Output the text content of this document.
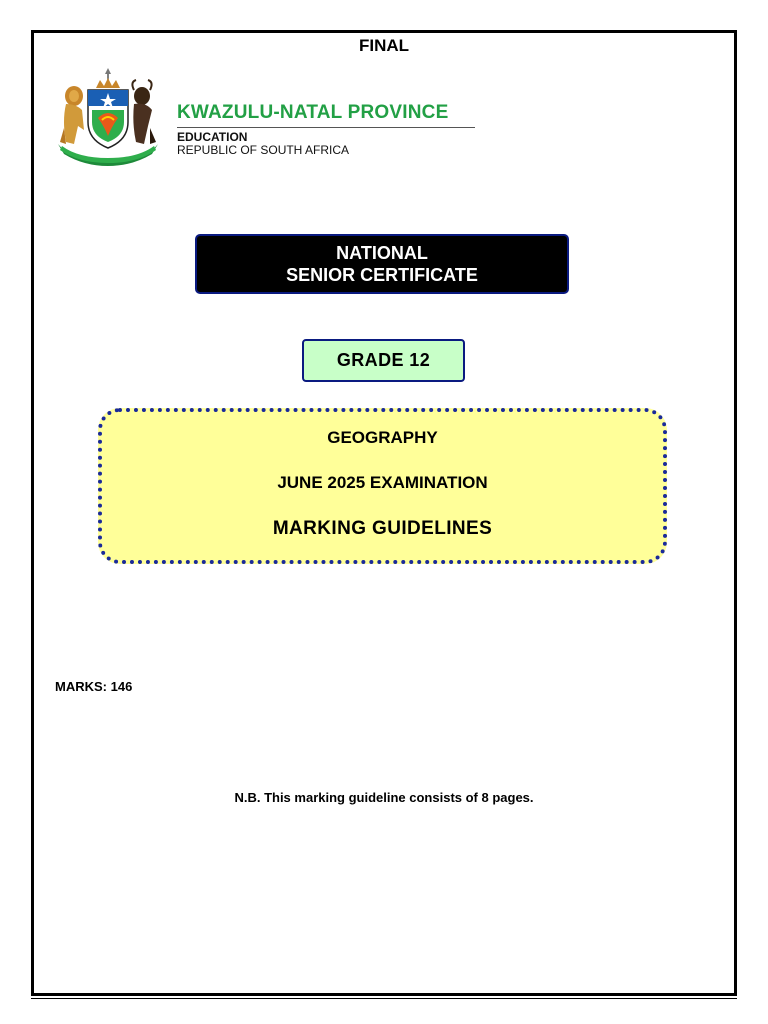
FINAL
KWAZULU-NATAL PROVINCE
EDUCATION
REPUBLIC OF SOUTH AFRICA
NATIONAL
SENIOR CERTIFICATE
GRADE 12
GEOGRAPHY
JUNE 2025 EXAMINATION
MARKING GUIDELINES
MARKS: 146
N.B. This marking guideline consists of 8 pages.
